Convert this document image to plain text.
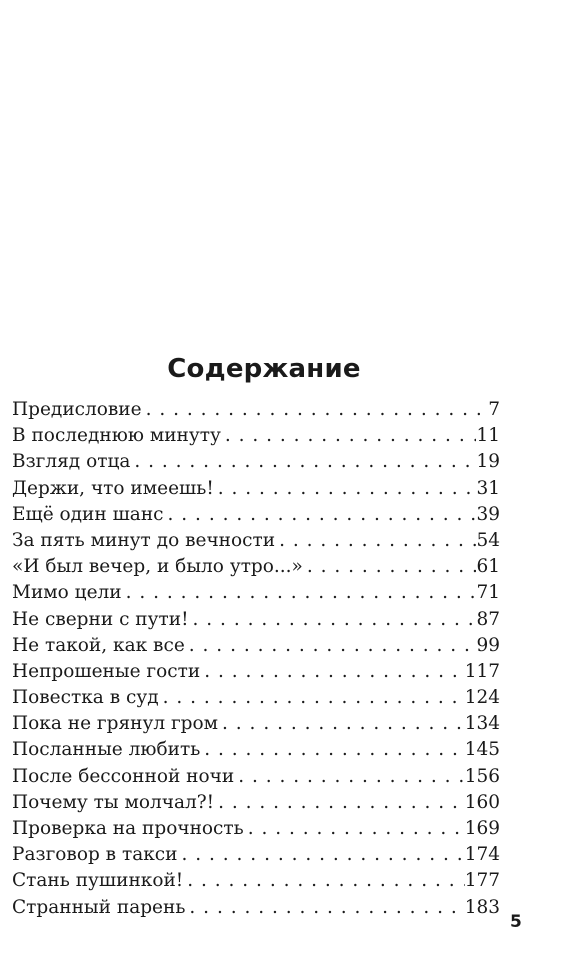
Содержание
Предисловие . . .	7
В последнюю минуту . . .	11
Взгляд отца . . .	19
Держи, что имеешь! . . .	31
Ещё один шанс . . .	39
За пять минут до вечности . . .	54
«И был вечер, и было утро...» . . .	61
Мимо цели . . .	71
Не сверни с пути! . . .	87
Не такой, как все . . .	99
Непрошеные гости . . .	117
Повестка в суд . . .	124
Пока не грянул гром . . .	134
Посланные любить . . .	145
После бессонной ночи . . .	156
Почему ты молчал?! . . .	160
Проверка на прочность . . .	169
Разговор в такси . . .	174
Стань пушинкой! . . .	177
Странный парень . . .	183
5
